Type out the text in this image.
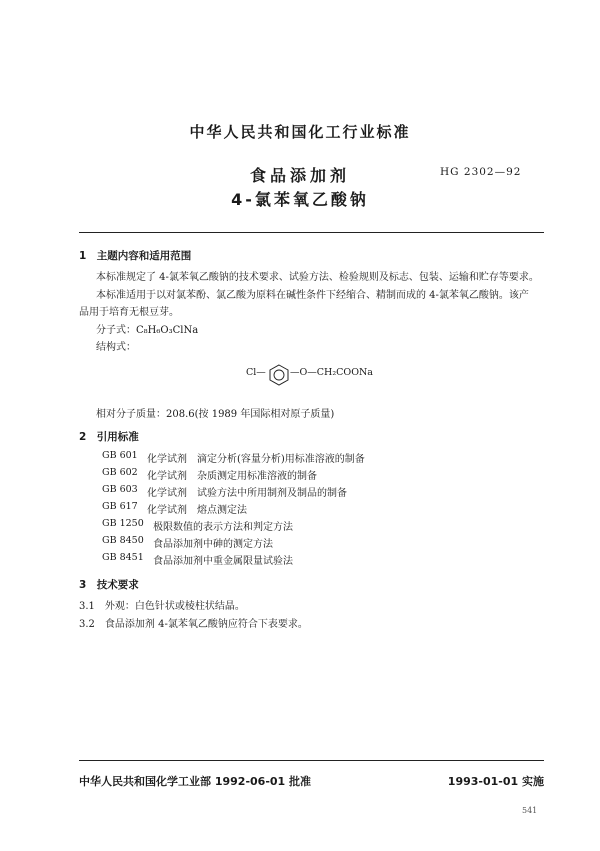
中华人民共和国化工行业标准
食品添加剂
4-氯苯氧乙酸钠
HG 2302—92
1　主题内容和适用范围
本标准规定了 4-氯苯氧乙酸钠的技术要求、试验方法、检验规则及标志、包装、运输和贮存等要求。
本标准适用于以对氯苯酚、氯乙酸为原料在碱性条件下经缩合、精制而成的 4-氯苯氧乙酸钠。该产
品用于培育无根豆芽。
分子式：C₈H₆O₃ClNa
结构式：
Cl—	—O—CH₂COONa
相对分子质量：208.6(按 1989 年国际相对原子质量)
2　引用标准
GB 601 化学试剂　滴定分析(容量分析)用标准溶液的制备
GB 602 化学试剂　杂质测定用标准溶液的制备
GB 603 化学试剂　试验方法中所用制剂及制品的制备
GB 617 化学试剂　熔点测定法
GB 1250 极限数值的表示方法和判定方法
GB 8450 食品添加剂中砷的测定方法
GB 8451 食品添加剂中重金属限量试验法
3　技术要求
3.1　外观：白色针状或棱柱状结晶。
3.2　食品添加剂 4-氯苯氧乙酸钠应符合下表要求。
中华人民共和国化学工业部 1992-06-01 批准	1993-01-01 实施
541
